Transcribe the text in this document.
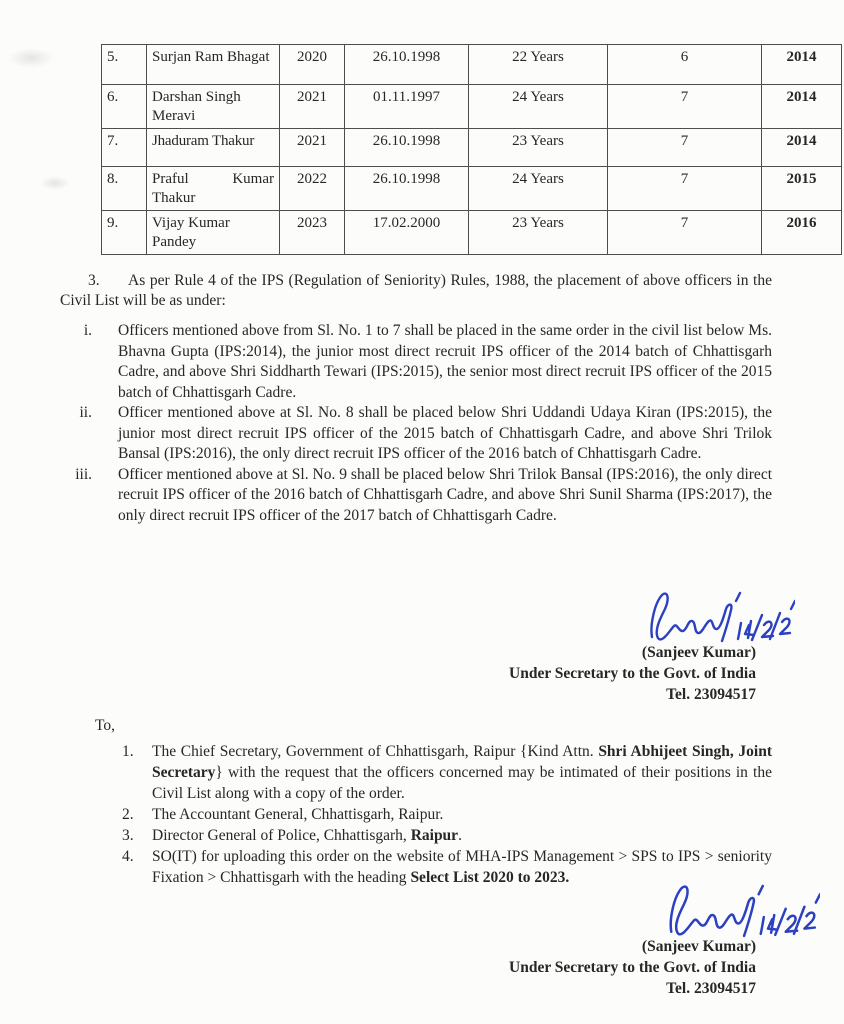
5.	Surjan Ram Bhagat	2020	26.10.1998	22 Years	6	2014
6.	Darshan Singh Meravi	2021	01.11.1997	24 Years	7	2014
7.	Jhaduram Thakur	2021	26.10.1998	23 Years	7	2014
8.	Praful Kumar Thakur	2022	26.10.1998	24 Years	7	2015
9.	Vijay Kumar Pandey	2023	17.02.2000	23 Years	7	2016

3. As per Rule 4 of the IPS (Regulation of Seniority) Rules, 1988, the placement of above officers in the Civil List will be as under:

i.	Officers mentioned above from Sl. No. 1 to 7 shall be placed in the same order in the civil list below Ms. Bhavna Gupta (IPS:2014), the junior most direct recruit IPS officer of the 2014 batch of Chhattisgarh Cadre, and above Shri Siddharth Tewari (IPS:2015), the senior most direct recruit IPS officer of the 2015 batch of Chhattisgarh Cadre.
ii.	Officer mentioned above at Sl. No. 8 shall be placed below Shri Uddandi Udaya Kiran (IPS:2015), the junior most direct recruit IPS officer of the 2015 batch of Chhattisgarh Cadre, and above Shri Trilok Bansal (IPS:2016), the only direct recruit IPS officer of the 2016 batch of Chhattisgarh Cadre.
iii.	Officer mentioned above at Sl. No. 9 shall be placed below Shri Trilok Bansal (IPS:2016), the only direct recruit IPS officer of the 2016 batch of Chhattisgarh Cadre, and above Shri Sunil Sharma (IPS:2017), the only direct recruit IPS officer of the 2017 batch of Chhattisgarh Cadre.
(Sanjeev Kumar)
Under Secretary to the Govt. of India
Tel. 23094517
To,
1.	The Chief Secretary, Government of Chhattisgarh, Raipur {Kind Attn. Shri Abhijeet Singh, Joint Secretary} with the request that the officers concerned may be intimated of their positions in the Civil List along with a copy of the order.
2.	The Accountant General, Chhattisgarh, Raipur.
3.	Director General of Police, Chhattisgarh, Raipur.
4.	SO(IT) for uploading this order on the website of MHA-IPS Management > SPS to IPS > seniority Fixation > Chhattisgarh with the heading Select List 2020 to 2023.
(Sanjeev Kumar)
Under Secretary to the Govt. of India
Tel. 23094517
